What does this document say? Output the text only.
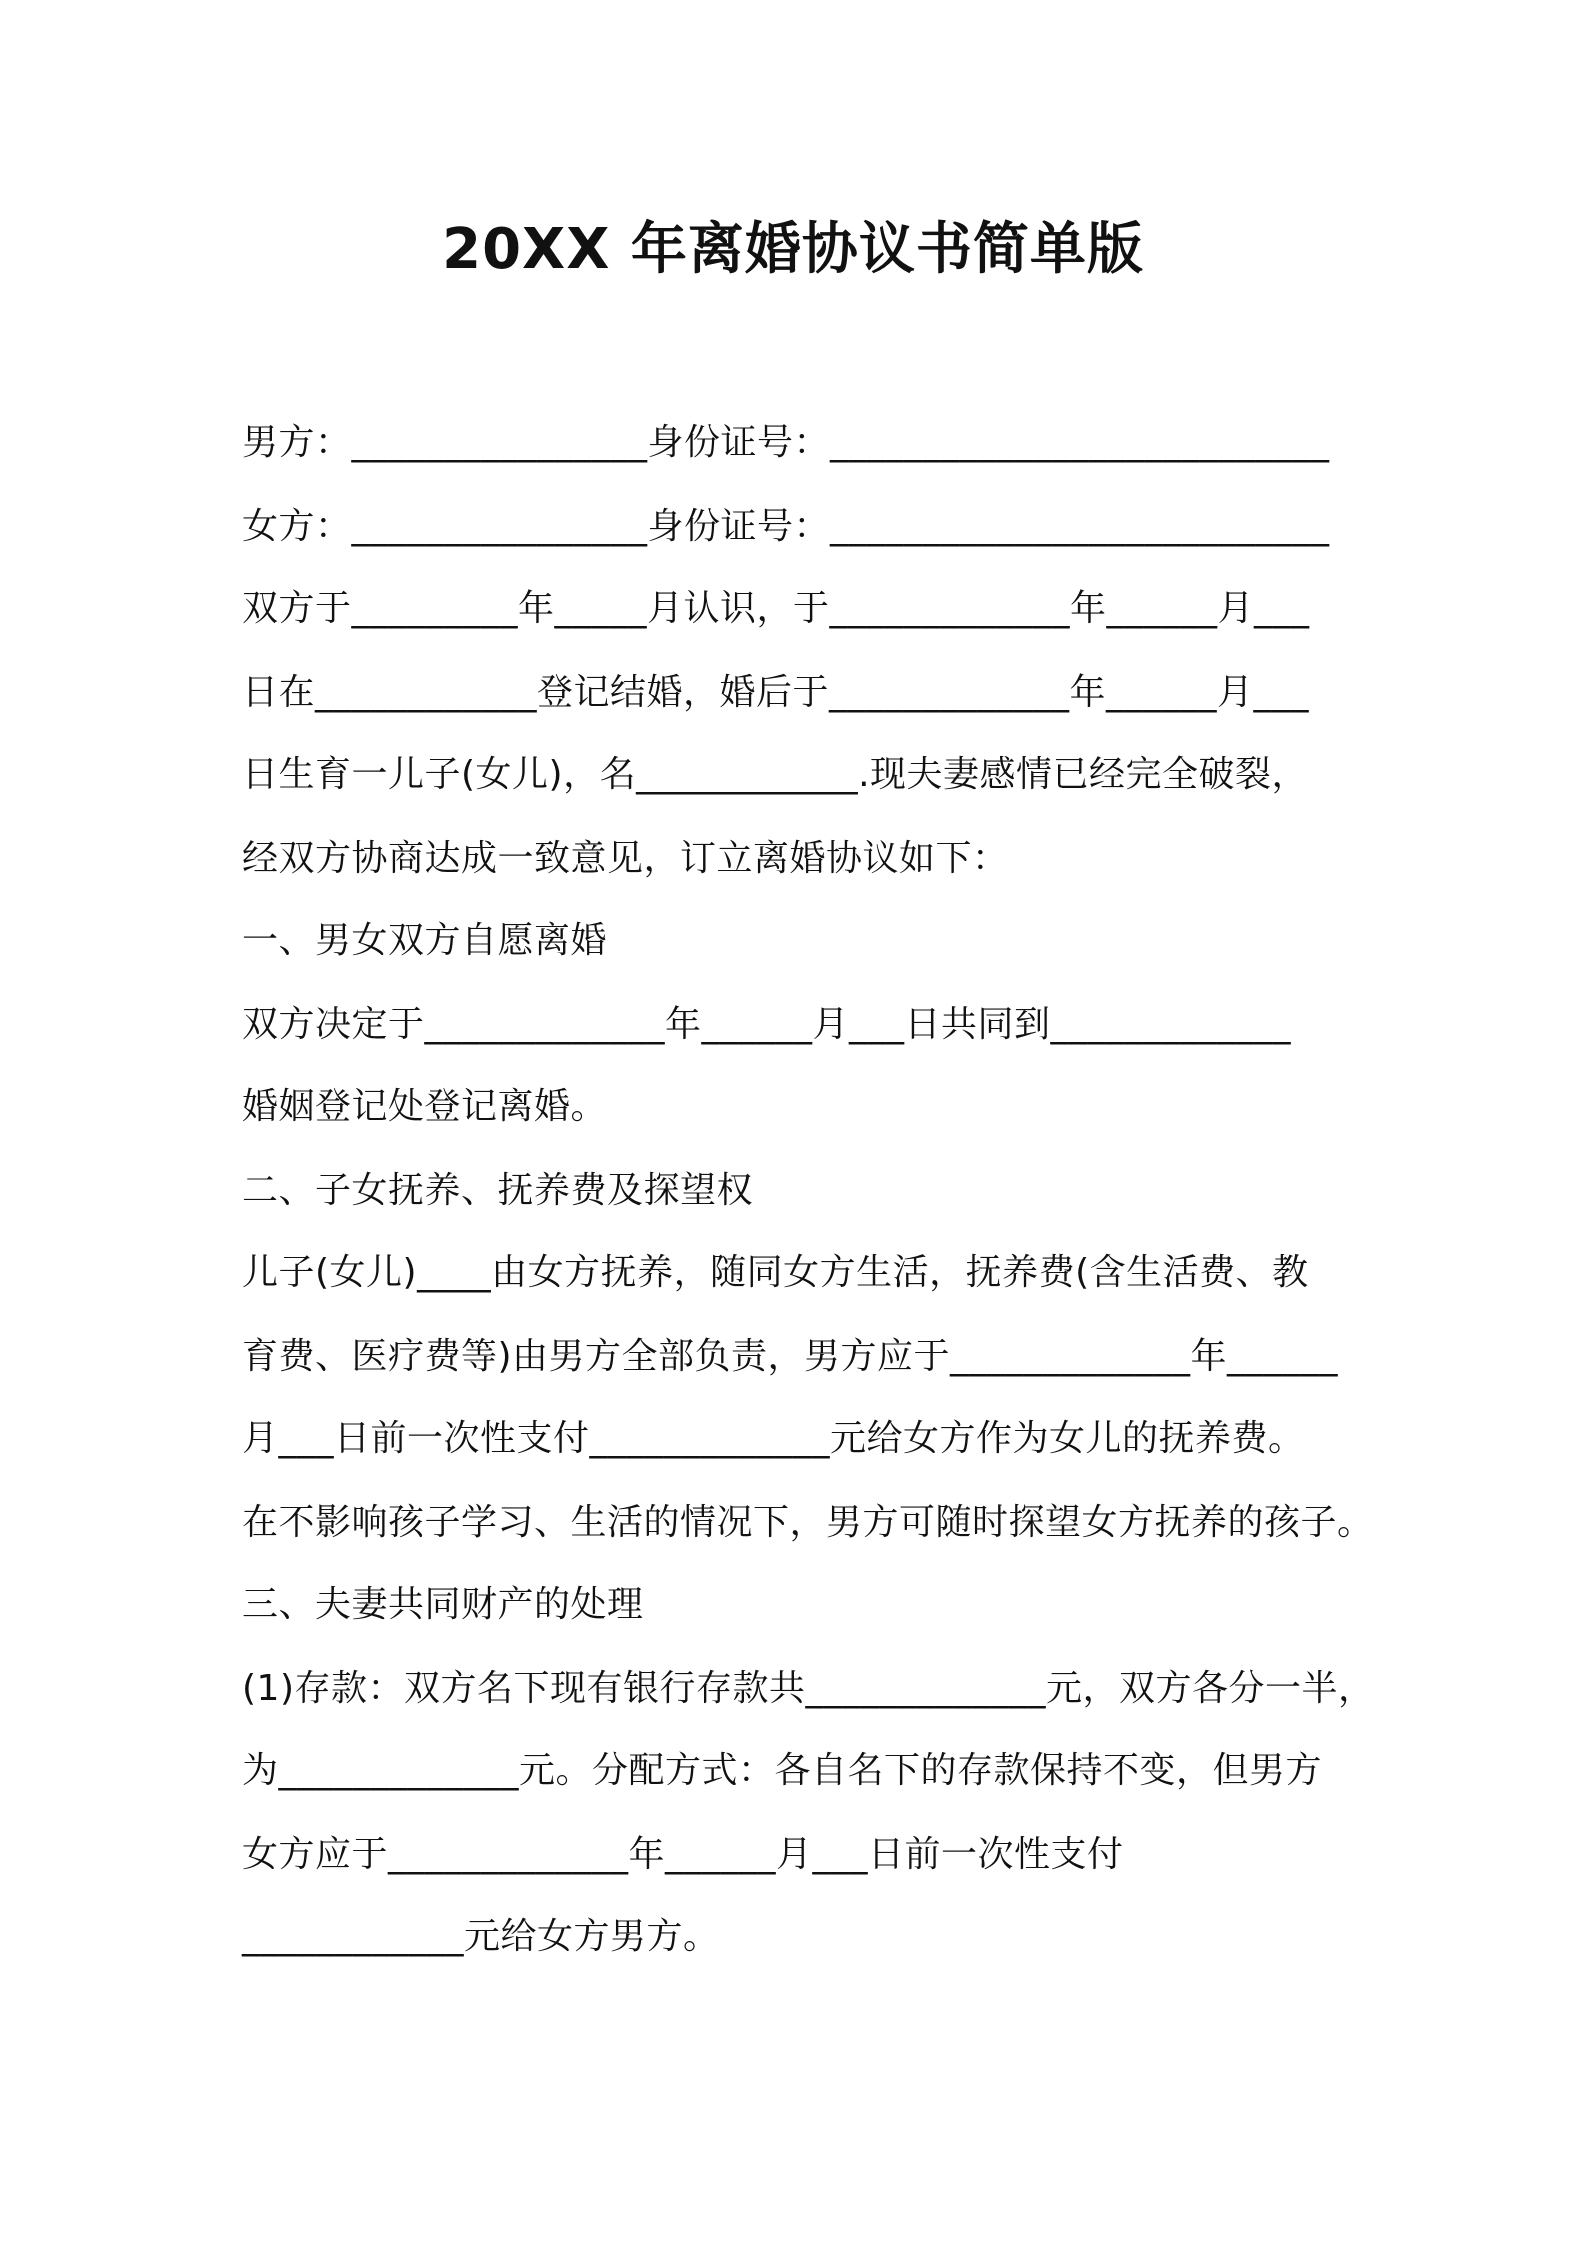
20XX 年离婚协议书简单版
男方：________________身份证号：___________________________
女方：________________身份证号：___________________________
双方于_________年_____月认识，于_____________年______月___
日在____________登记结婚，婚后于_____________年______月___
日生育一儿子(女儿)，名____________.现夫妻感情已经完全破裂，
经双方协商达成一致意见，订立离婚协议如下：
一、男女双方自愿离婚
双方决定于_____________年______月___日共同到_____________
婚姻登记处登记离婚。
二、子女抚养、抚养费及探望权
儿子(女儿)____由女方抚养，随同女方生活，抚养费(含生活费、教
育费、医疗费等)由男方全部负责，男方应于_____________年______
月___日前一次性支付_____________元给女方作为女儿的抚养费。
在不影响孩子学习、生活的情况下，男方可随时探望女方抚养的孩子。
三、夫妻共同财产的处理
(1)存款：双方名下现有银行存款共_____________元，双方各分一半，
为_____________元。分配方式：各自名下的存款保持不变，但男方
女方应于_____________年______月___日前一次性支付
____________元给女方男方。
